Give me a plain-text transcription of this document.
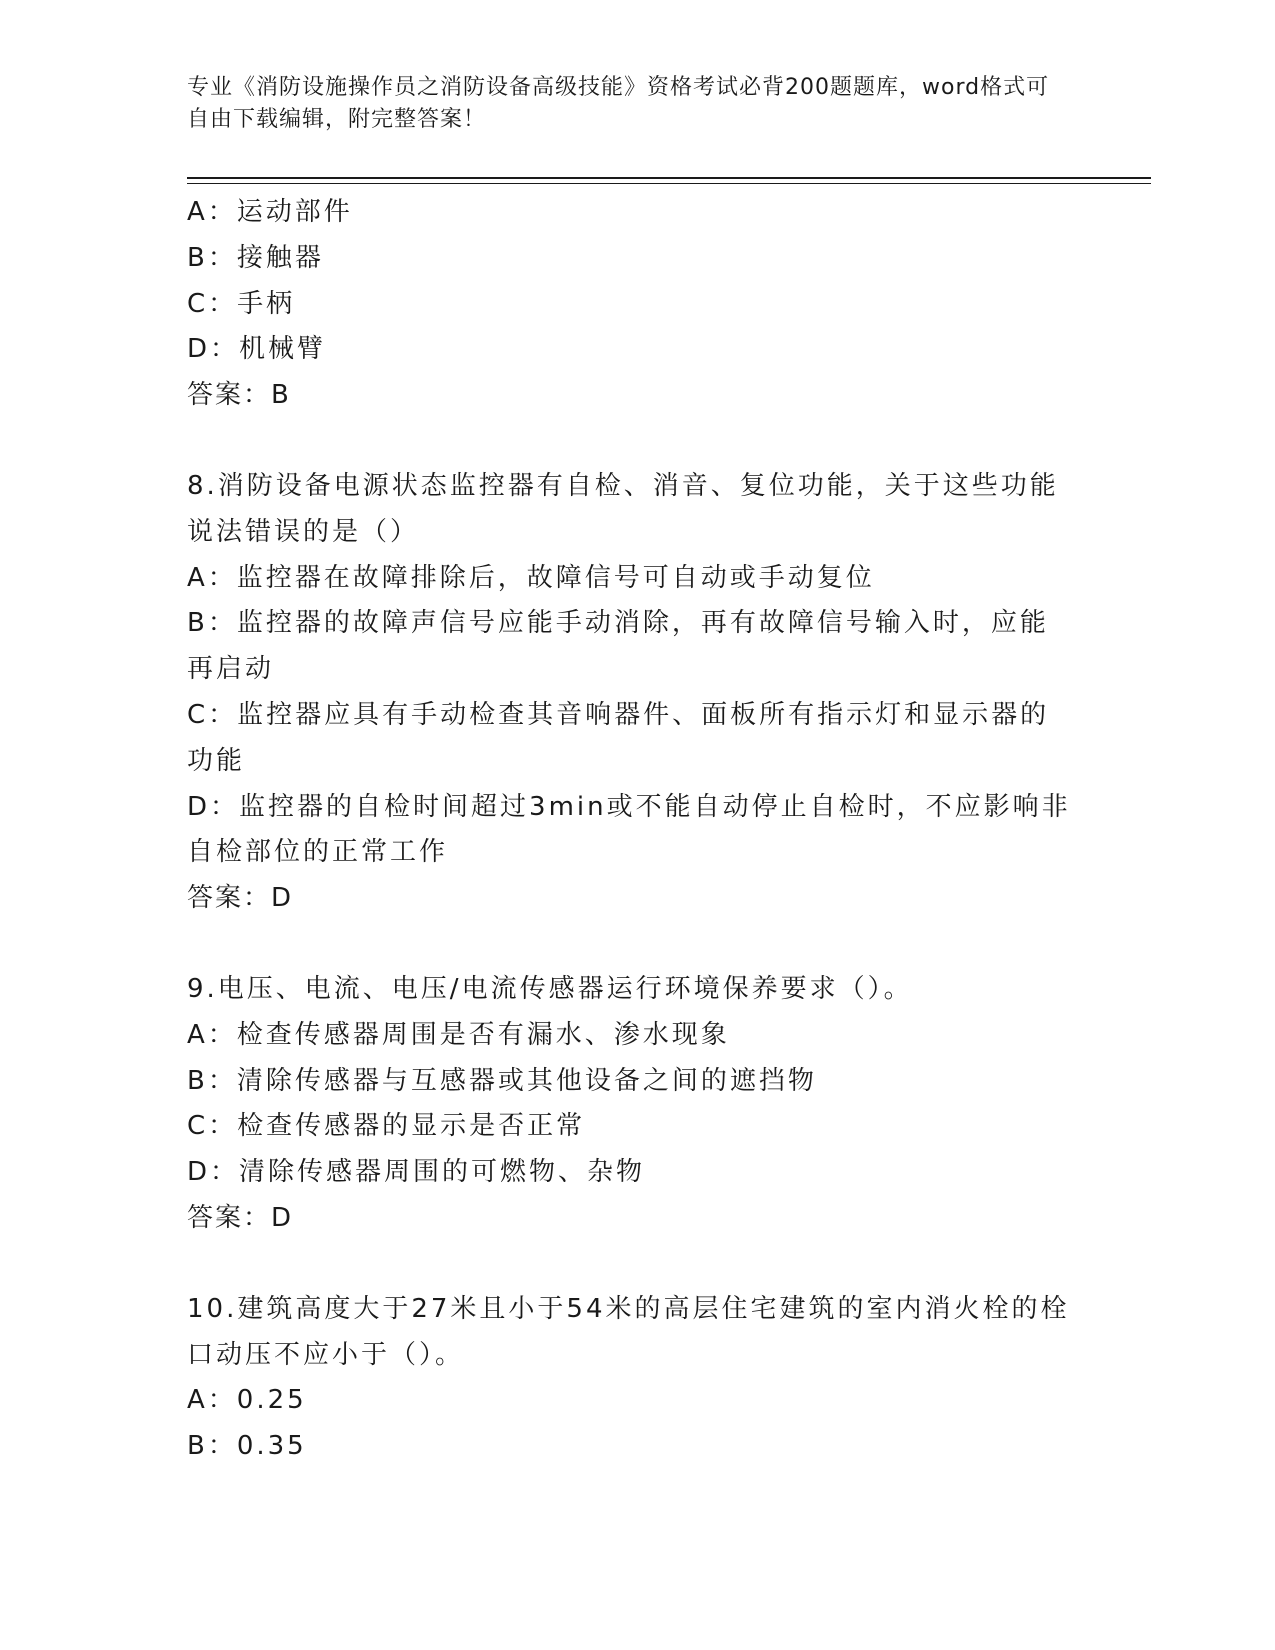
专业《消防设施操作员之消防设备高级技能》资格考试必背200题题库，word格式可自由下载编辑，附完整答案！
A：运动部件
B：接触器
C：手柄
D：机械臂
答案：B
8.消防设备电源状态监控器有自检、消音、复位功能，关于这些功能说法错误的是（）
A：监控器在故障排除后，故障信号可自动或手动复位
B：监控器的故障声信号应能手动消除，再有故障信号输入时，应能再启动
C：监控器应具有手动检查其音响器件、面板所有指示灯和显示器的功能
D：监控器的自检时间超过3min或不能自动停止自检时，不应影响非自检部位的正常工作
答案：D
9.电压、电流、电压/电流传感器运行环境保养要求（）。
A：检查传感器周围是否有漏水、渗水现象
B：清除传感器与互感器或其他设备之间的遮挡物
C：检查传感器的显示是否正常
D：清除传感器周围的可燃物、杂物
答案：D
10.建筑高度大于27米且小于54米的高层住宅建筑的室内消火栓的栓口动压不应小于（）。
A：0.25
B：0.35
